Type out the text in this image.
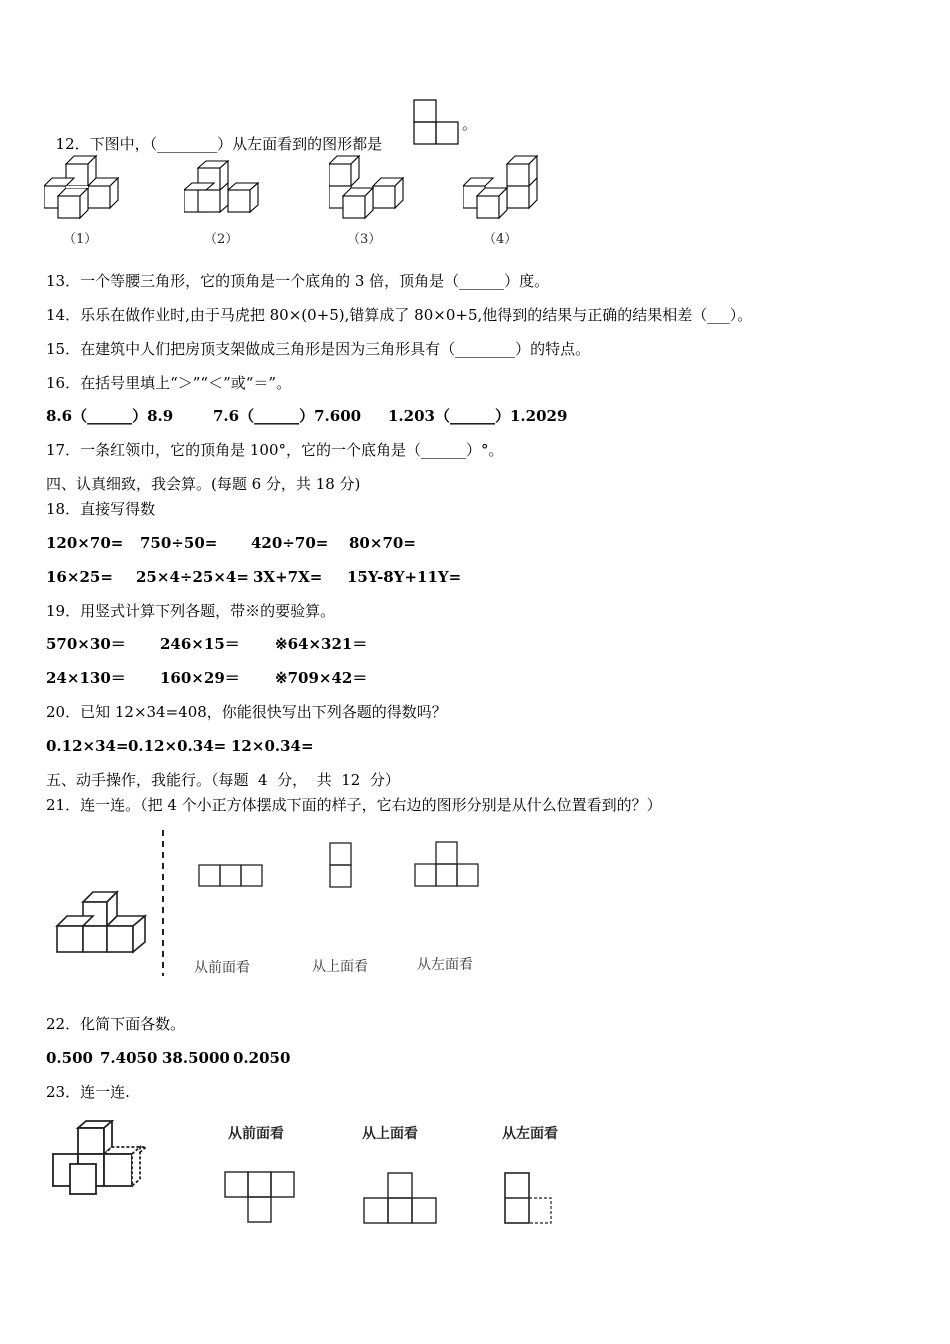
12．下图中，（________）从左面看到的图形都是

。
（1）	（2）	（3）	（4）
13．一个等腰三角形，它的顶角是一个底角的 3 倍，顶角是（______）度。
14．乐乐在做作业时,由于马虎把 80×(0+5),错算成了 80×0+5,他得到的结果与正确的结果相差（___）。
15．在建筑中人们把房顶支架做成三角形是因为三角形具有（________）的特点。
16．在括号里填上“＞”“＜”或“＝”。
8.6（______）8.9	7.6（______）7.600 1.203（______）1.2029
17．一条红领巾，它的顶角是 100°，它的一个底角是（______）°。
四、认真细致，我会算。(每题 6 分，共 18 分)
18．直接写得数
120×70= 750÷50= 420÷70= 80×70=
16×25= 25×4÷25×4= 3X+7X= 15Y-8Y+11Y=
19．用竖式计算下列各题，带※的要验算。
570×30＝ 246×15＝ ※64×321＝
24×130＝ 160×29＝ ※709×42＝
20．已知 12×34=408，你能很快写出下列各题的得数吗？
0.12×34= 0.12×0.34= 12×0.34=
五、动手操作，我能行。（每题  4  分，  共  12  分）
21．连一连。（把 4 个小正方体摆成下面的样子，它右边的图形分别是从什么位置看到的？）
从前面看	从上面看	从左面看
22．化简下面各数。
0.500 7.4050 38.5000 0.2050
23．连一连.
从前面看	从上面看	从左面看
